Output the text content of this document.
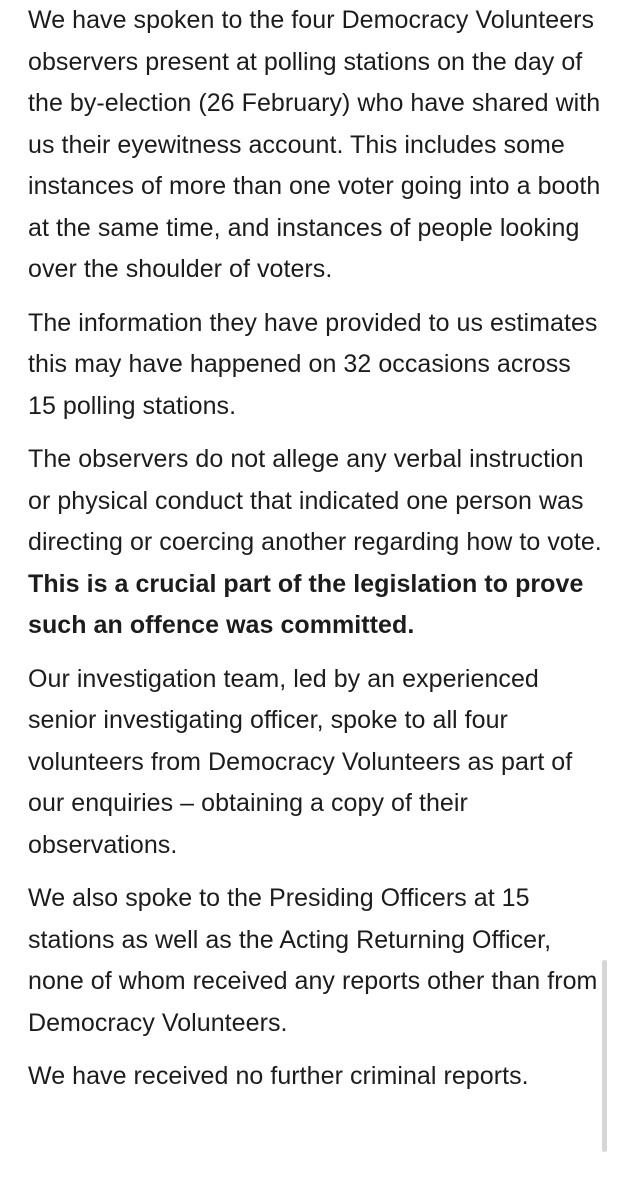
We have spoken to the four Democracy Volunteers observers present at polling stations on the day of the by-election (26 February) who have shared with us their eyewitness account. This includes some instances of more than one voter going into a booth at the same time, and instances of people looking over the shoulder of voters.

The information they have provided to us estimates this may have happened on 32 occasions across 15 polling stations.

The observers do not allege any verbal instruction or physical conduct that indicated one person was directing or coercing another regarding how to vote. This is a crucial part of the legislation to prove such an offence was committed.

Our investigation team, led by an experienced senior investigating officer, spoke to all four volunteers from Democracy Volunteers as part of our enquiries – obtaining a copy of their observations.

We also spoke to the Presiding Officers at 15 stations as well as the Acting Returning Officer, none of whom received any reports other than from Democracy Volunteers.

We have received no further criminal reports.
